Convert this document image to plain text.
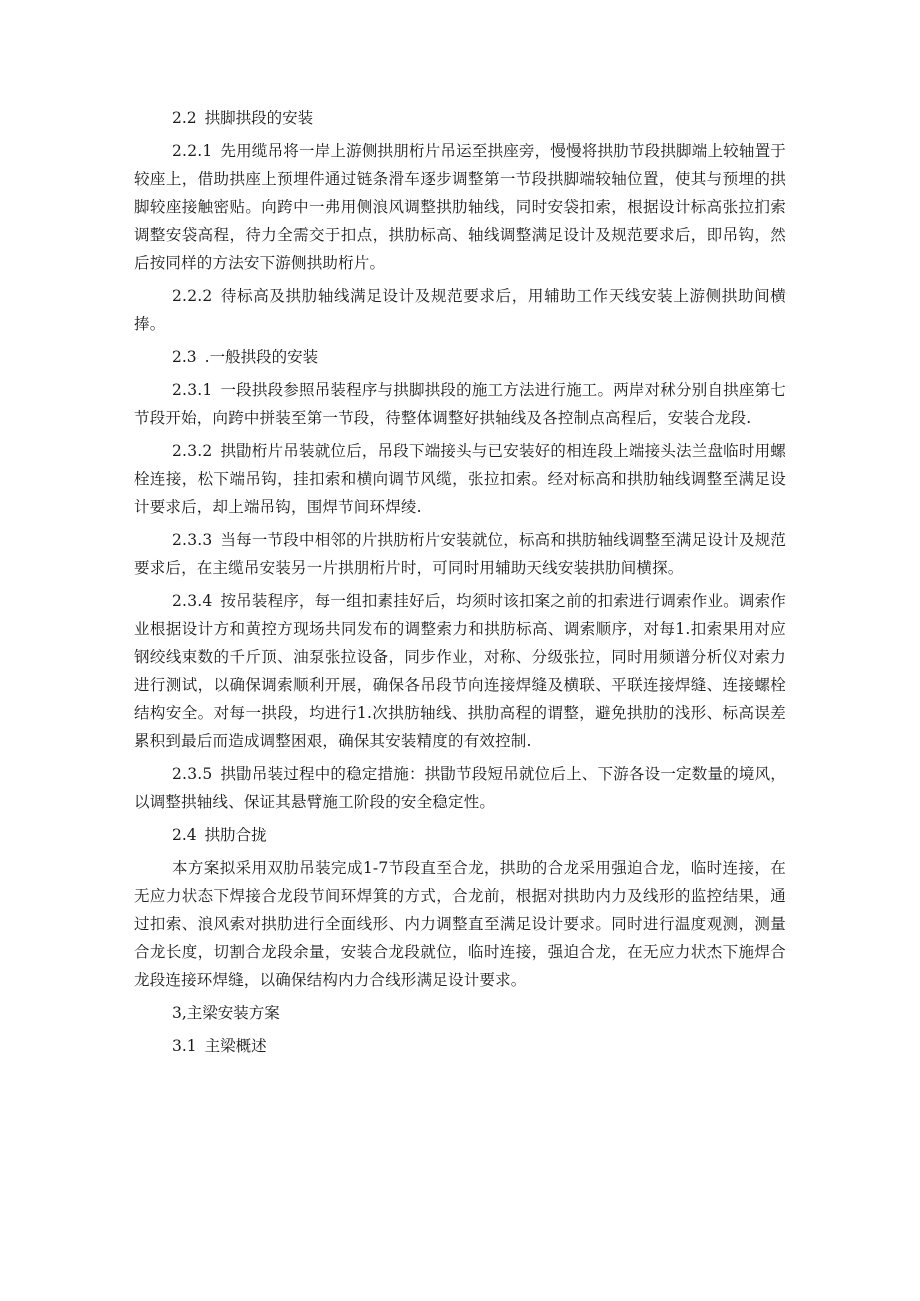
2.2 拱脚拱段的安装

2.2.1 先用缆吊将一岸上游侧拱朋桁片吊运至拱座旁，慢慢将拱肋节段拱脚端上较轴置于较座上，借助拱座上预埋件通过链条滑车逐步调整第一节段拱脚端较轴位置，使其与预埋的拱脚较座接触密贴。向跨中一弗用侧浪风调整拱肋轴线，同时安袋扣索，根据设计标高张拉扪索调整安袋高程，待力全需交于扣点，拱肋标高、轴线调整满足设计及规范要求后，即吊钩，然后按同样的方法安下游侧拱助桁片。

2.2.2 待标高及拱肋轴线满足设计及规范要求后，用辅助工作天线安装上游侧拱助间横捧。

2.3 .一般拱段的安装

2.3.1 一段拱段参照吊装程序与拱脚拱段的施工方法进行施工。两岸对秫分别自拱座第七节段开始，向跨中拼装至第一节段，待整体调整好拱轴线及各控制点高程后，安装合龙段.

2.3.2 拱勖桁片吊装就位后，吊段下端接头与已安装好的相连段上端接头法兰盘临时用螺栓连接，松下端吊钩，挂扣索和横向调节风缆，张拉扣索。经对标高和拱肋轴线调整至满足设计要求后，却上端吊钩，围焊节间环焊绫.

2.3.3 当每一节段中相邻的片拱肪桁片安装就位，标高和拱肪轴线调整至满足设计及规范要求后，在主缆吊安装另一片拱朋桁片时，可同时用辅助天线安装拱肋间横探。

2.3.4 按吊装程序，每一组扣素挂好后，均须时该扣案之前的扣索进行调索作业。调索作业根据设计方和黄控方现场共同发布的调整索力和拱肪标高、调索顺序，对每1.扣索果用对应钢绞线束数的千斤顶、油泵张拉设备，同步作业，对称、分级张拉，同时用频谱分析仪对索力进行测试，以确保调索顺利开展，确保各吊段节向连接焊缝及横联、平联连接焊缝、连接螺栓结构安全。对每一拱段，均进行1.次拱肪轴线、拱肋高程的谓整，避免拱肋的浅形、标高误差累积到最后而造成调整困艰，确保其安装精度的有效控制.

2.3.5 拱勖吊装过程中的稳定措施：拱勖节段短吊就位后上、下游各设一定数量的境风，以调整拱轴线、保证其悬臂施工阶段的安全稳定性。

2.4 拱肋合拢

本方案拟采用双肋吊装完成1-7节段直至合龙，拱助的合龙采用强迫合龙，临时连接，在无应力状态下焊接合龙段节间环焊箕的方式，合龙前，根据对拱助内力及线形的监控结果，通过扣索、浪风索对拱肋进行全面线形、内力调整直至满足设计要求。同时进行温度观测，测量合龙长度，切割合龙段余量，安装合龙段就位，临时连接，强迫合龙，在无应力状杰下施焊合龙段连接环焊缝，以确保结构内力合线形满足设计要求。

3,主梁安装方案

3.1 主梁概述
